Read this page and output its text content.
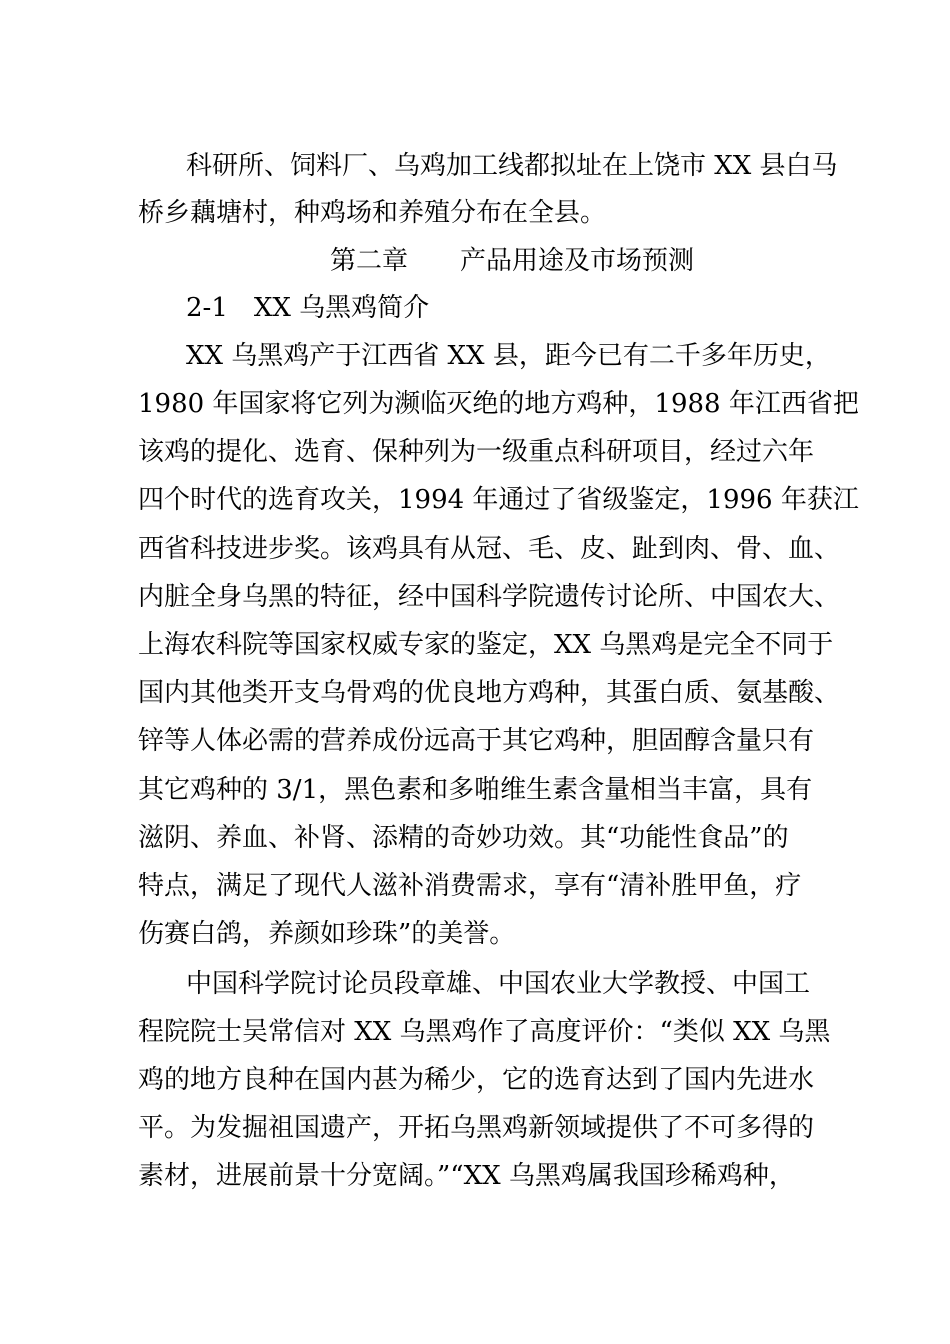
科研所、饲料厂、乌鸡加工线都拟址在上饶市 XX 县白马
桥乡藕塘村，种鸡场和养殖分布在全县。
第二章　　产品用途及市场预测
2-1　XX 乌黑鸡简介
XX 乌黑鸡产于江西省 XX 县，距今已有二千多年历史，
1980 年国家将它列为濒临灭绝的地方鸡种，1988 年江西省把
该鸡的提化、选育、保种列为一级重点科研项目，经过六年
四个时代的选育攻关，1994 年通过了省级鉴定，1996 年获江
西省科技进步奖。该鸡具有从冠、毛、皮、趾到肉、骨、血、
内脏全身乌黑的特征，经中国科学院遗传讨论所、中国农大、
上海农科院等国家权威专家的鉴定，XX 乌黑鸡是完全不同于
国内其他类开支乌骨鸡的优良地方鸡种，其蛋白质、氨基酸、
锌等人体必需的营养成份远高于其它鸡种，胆固醇含量只有
其它鸡种的 3/1，黑色素和多啪维生素含量相当丰富，具有
滋阴、养血、补肾、添精的奇妙功效。其“功能性食品”的
特点，满足了现代人滋补消费需求，享有“清补胜甲鱼，疗
伤赛白鸽，养颜如珍珠”的美誉。
中国科学院讨论员段章雄、中国农业大学教授、中国工
程院院士吴常信对 XX 乌黑鸡作了高度评价：“类似 XX 乌黑
鸡的地方良种在国内甚为稀少，它的选育达到了国内先进水
平。为发掘祖国遗产，开拓乌黑鸡新领域提供了不可多得的
素材，进展前景十分宽阔。”“XX 乌黑鸡属我国珍稀鸡种，
